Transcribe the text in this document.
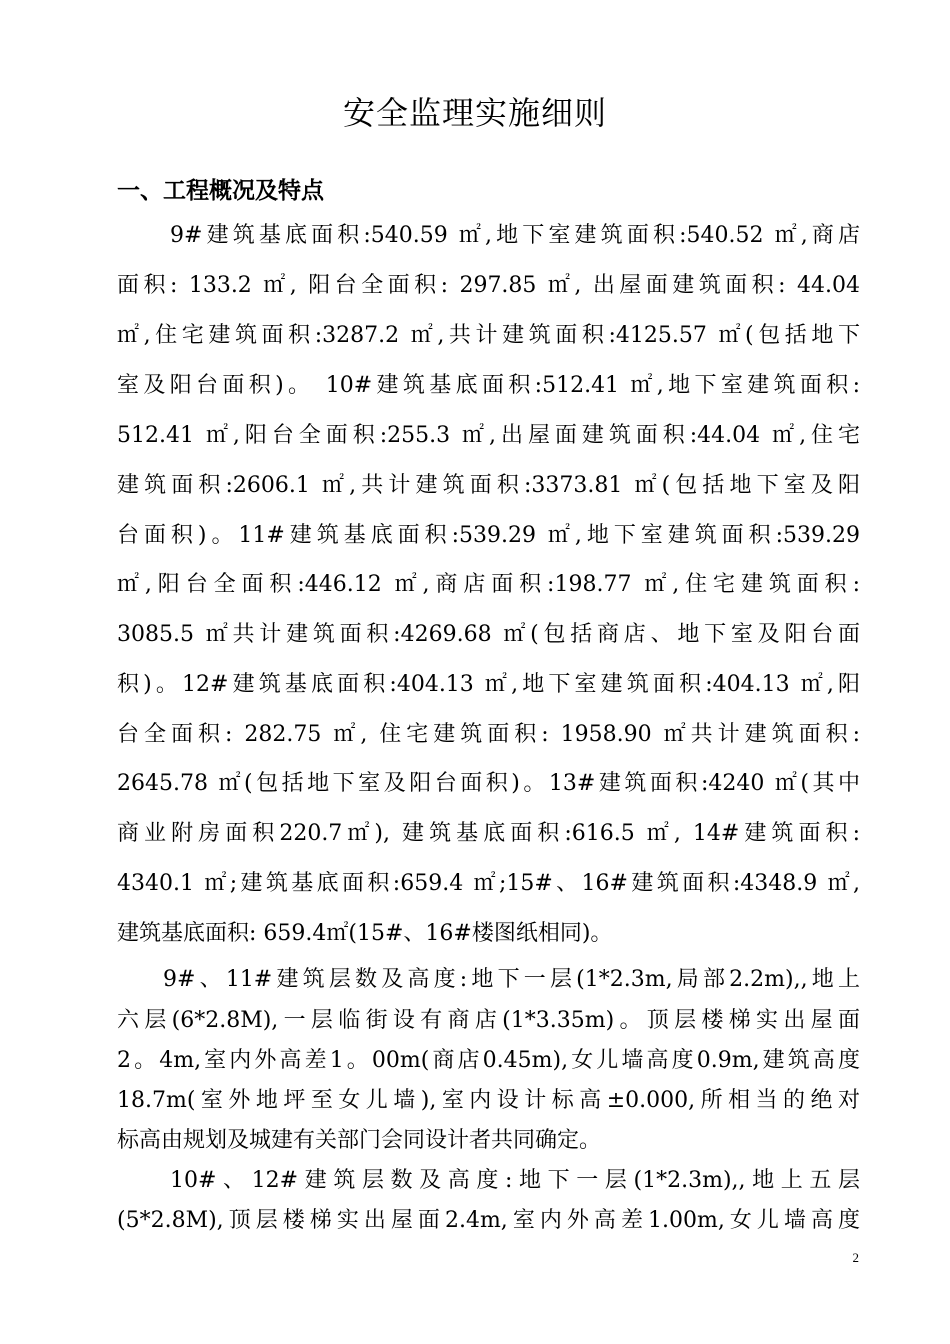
安全监理实施细则
一、工程概况及特点
9#建筑基底面积:540.59 ㎡,地下室建筑面积:540.52 ㎡,商店
面积: 133.2 ㎡, 阳台全面积: 297.85 ㎡, 出屋面建筑面积: 44.04
㎡,住宅建筑面积:3287.2 ㎡,共计建筑面积:4125.57 ㎡(包括地下
室及阳台面积)。 10#建筑基底面积:512.41 ㎡,地下室建筑面积:
512.41 ㎡,阳台全面积:255.3 ㎡,出屋面建筑面积:44.04 ㎡,住宅
建筑面积:2606.1 ㎡,共计建筑面积:3373.81 ㎡(包括地下室及阳
台面积)。11#建筑基底面积:539.29 ㎡,地下室建筑面积:539.29
㎡,阳台全面积:446.12 ㎡,商店面积:198.77 ㎡,住宅建筑面积:
3085.5 ㎡共计建筑面积:4269.68 ㎡(包括商店、地下室及阳台面
积)。12#建筑基底面积:404.13 ㎡,地下室建筑面积:404.13 ㎡,阳
台全面积: 282.75 ㎡, 住宅建筑面积: 1958.90 ㎡共计建筑面积:
2645.78 ㎡(包括地下室及阳台面积)。13#建筑面积:4240 ㎡(其中
商业附房面积220.7㎡), 建筑基底面积:616.5 ㎡, 14#建筑面积:
4340.1 ㎡;建筑基底面积:659.4 ㎡;15#、16#建筑面积:4348.9 ㎡,
建筑基底面积: 659.4㎡(15#、16#楼图纸相同)。
9#、11#建筑层数及高度:地下一层(1*2.3m,局部2.2m),,地上
六层(6*2.8M),一层临街设有商店(1*3.35m)。顶层楼梯实出屋面
2。4m,室内外高差1。00m(商店0.45m),女儿墙高度0.9m,建筑高度
18.7m(室外地坪至女儿墙),室内设计标高±0.000,所相当的绝对
标高由规划及城建有关部门会同设计者共同确定。
10#、12#建筑层数及高度:地下一层(1*2.3m),,地上五层
(5*2.8M),顶层楼梯实出屋面2.4m,室内外高差1.00m,女儿墙高度
2
